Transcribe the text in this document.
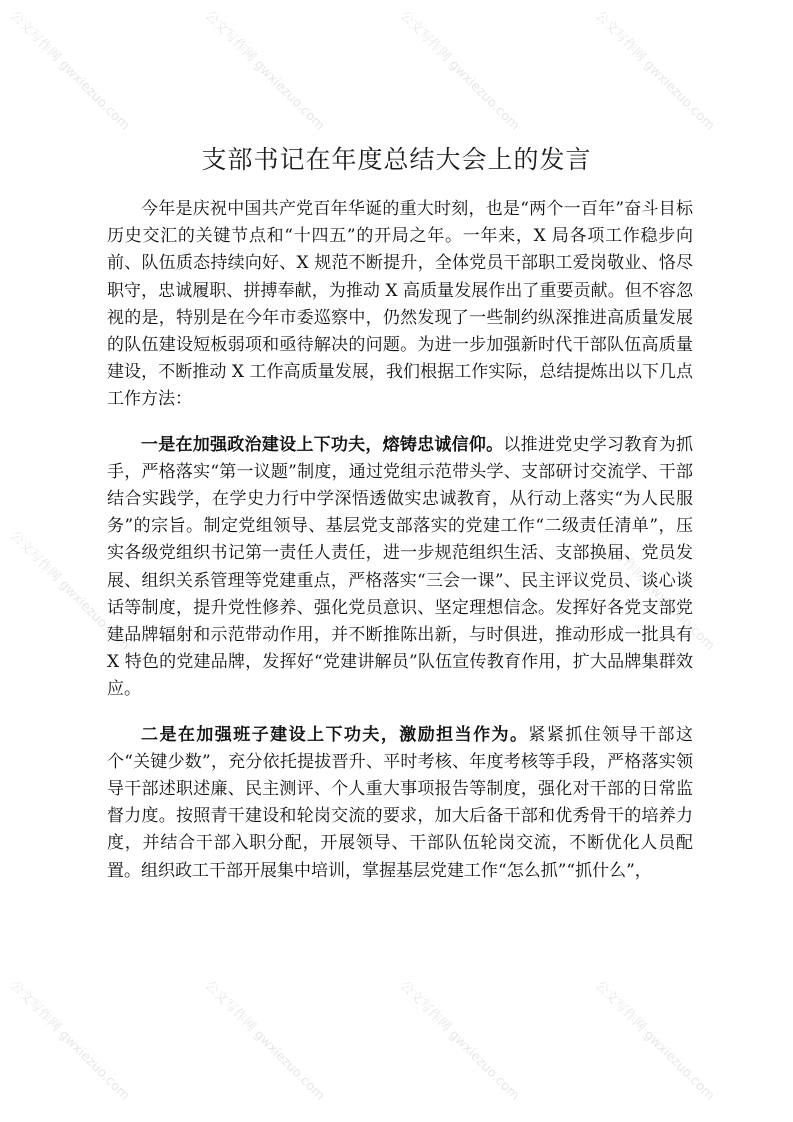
公文写作网 gwxiezuo.com	公文写作网 gwxiezuo.com	公文写作网 gwxiezuo.com	公文写作网 gwxiezuo.com
公文写作网 gwxiezuo.com	公文写作网 gwxiezuo.com
公文写作网 gwxiezuo.com	公文写作网 gwxiezuo.com	公文写作网 gwxiezuo.com	公文写作网 gwxiezuo.com
支部书记在年度总结大会上的发言

今年是庆祝中国共产党百年华诞的重大时刻，也是“两个一百年”奋斗目标历史交汇的关键节点和“十四五”的开局之年。一年来，X 局各项工作稳步向前、队伍质态持续向好、X 规范不断提升，全体党员干部职工爱岗敬业、恪尽职守，忠诚履职、拼搏奉献，为推动 X 高质量发展作出了重要贡献。但不容忽视的是，特别是在今年市委巡察中，仍然发现了一些制约纵深推进高质量发展的队伍建设短板弱项和亟待解决的问题。为进一步加强新时代干部队伍高质量建设，不断推动 X 工作高质量发展，我们根据工作实际，总结提炼出以下几点工作方法：

一是在加强政治建设上下功夫，熔铸忠诚信仰。以推进党史学习教育为抓手，严格落实“第一议题”制度，通过党组示范带头学、支部研讨交流学、干部结合实践学，在学史力行中学深悟透做实忠诚教育，从行动上落实“为人民服务”的宗旨。制定党组领导、基层党支部落实的党建工作“二级责任清单”，压实各级党组织书记第一责任人责任，进一步规范组织生活、支部换届、党员发展、组织关系管理等党建重点，严格落实“三会一课”、民主评议党员、谈心谈话等制度，提升党性修养、强化党员意识、坚定理想信念。发挥好各党支部党建品牌辐射和示范带动作用，并不断推陈出新，与时俱进，推动形成一批具有 X 特色的党建品牌，发挥好“党建讲解员”队伍宣传教育作用，扩大品牌集群效应。

二是在加强班子建设上下功夫，激励担当作为。紧紧抓住领导干部这个“关键少数”，充分依托提拔晋升、平时考核、年度考核等手段，严格落实领导干部述职述廉、民主测评、个人重大事项报告等制度，强化对干部的日常监督力度。按照青干建设和轮岗交流的要求，加大后备干部和优秀骨干的培养力度，并结合干部入职分配，开展领导、干部队伍轮岗交流，不断优化人员配置。组织政工干部开展集中培训，掌握基层党建工作“怎么抓”“抓什么”，
